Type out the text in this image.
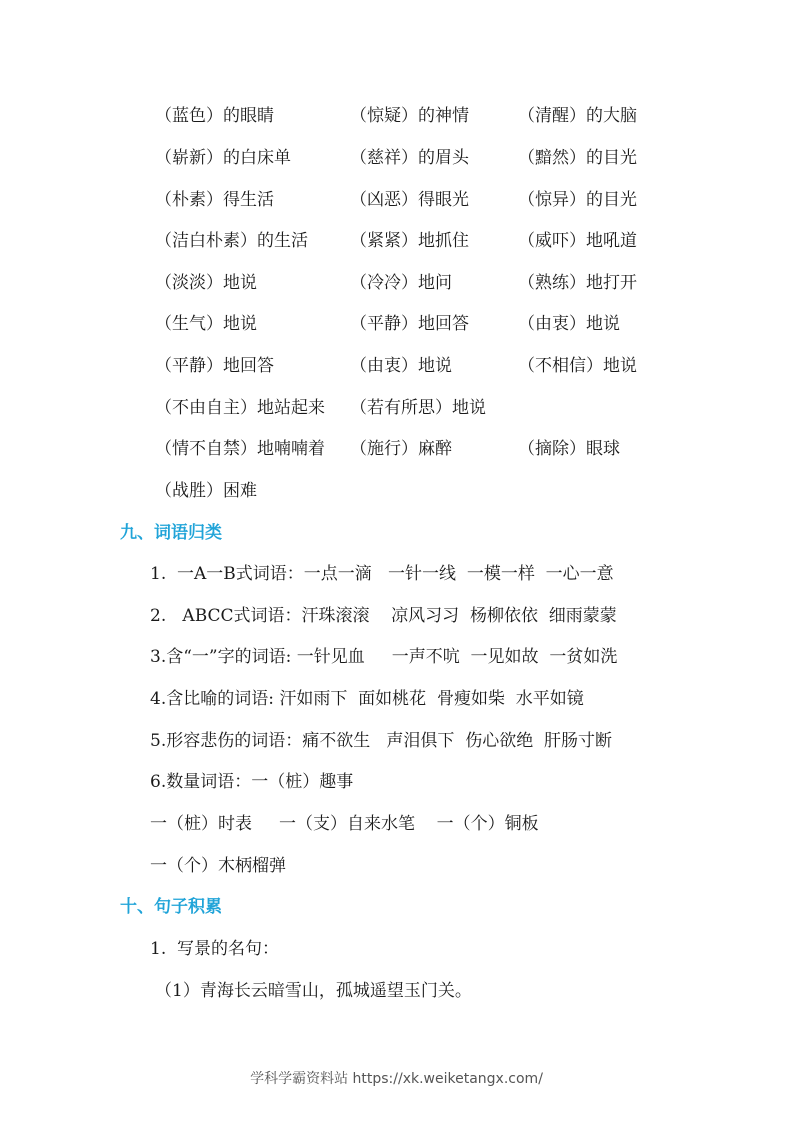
（蓝色）的眼睛	（惊疑）的神情	（清醒）的大脑
（崭新）的白床单	（慈祥）的眉头	（黯然）的目光
（朴素）得生活	（凶恶）得眼光	（惊异）的目光
（洁白朴素）的生活 （紧紧）地抓住	（威吓）地吼道
（淡淡）地说	（冷冷）地问	（熟练）地打开
（生气）地说	（平静）地回答	（由衷）地说
（平静）地回答	（由衷）地说	（不相信）地说
（不由自主）地站起来 （若有所思）地说
（情不自禁）地喃喃着 （施行）麻醉	（摘除）眼球
（战胜）困难
九、词语归类
1.  一A一B式词语：一点一滴   一针一线  一模一样  一心一意
2.   ABCC式词语：汗珠滚滚    凉风习习  杨柳依依  细雨蒙蒙
3.含“一”字的词语: 一针见血     一声不吭  一见如故  一贫如洗
4.含比喻的词语: 汗如雨下  面如桃花  骨瘦如柴  水平如镜
5.形容悲伤的词语：痛不欲生   声泪俱下  伤心欲绝  肝肠寸断
6.数量词语：一（桩）趣事
一（桩）时表     一（支）自来水笔    一（个）铜板
一（个）木柄榴弹
十、句子积累
1.  写景的名句：
（1）青海长云暗雪山，孤城遥望玉门关。
学科学霸资料站 https://xk.weiketangx.com/
